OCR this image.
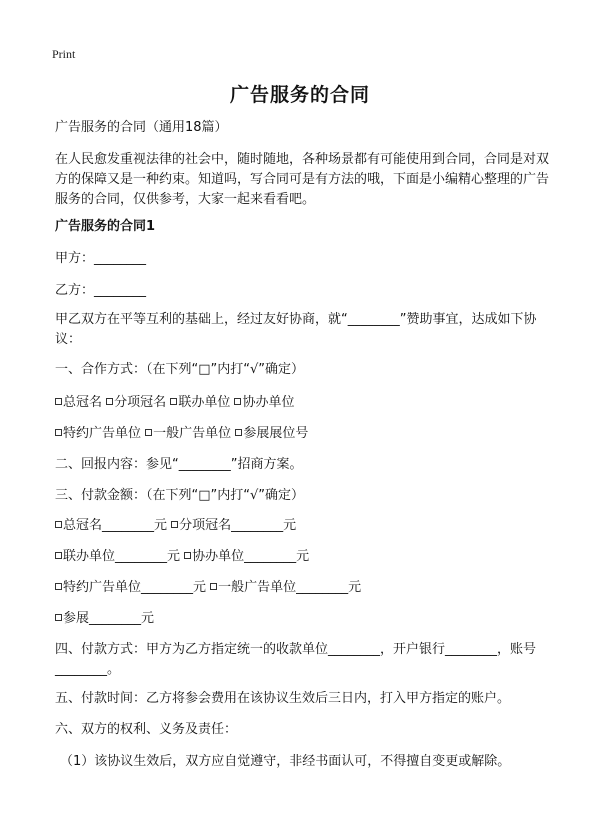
Print
广告服务的合同
广告服务的合同（通用18篇）
在人民愈发重视法律的社会中，随时随地，各种场景都有可能使用到合同，合同是对双方的保障又是一种约束。知道吗，写合同可是有方法的哦，下面是小编精心整理的广告服务的合同，仅供参考，大家一起来看看吧。
广告服务的合同1
甲方：________
乙方：________
甲乙双方在平等互利的基础上，经过友好协商，就“________”赞助事宜，达成如下协议：
一、合作方式：（在下列“□”内打“√”确定）
总冠名 分项冠名 联办单位 协办单位
特约广告单位 一般广告单位 参展展位号
二、回报内容：参见“________”招商方案。
三、付款金额：（在下列“□”内打“√”确定）
总冠名________元 分项冠名________元
联办单位________元 协办单位________元
特约广告单位________元 一般广告单位________元
参展________元
四、付款方式：甲方为乙方指定统一的收款单位________，开户银行________，账号________。
五、付款时间：乙方将参会费用在该协议生效后三日内，打入甲方指定的账户。
六、双方的权利、义务及责任：
（1）该协议生效后，双方应自觉遵守，非经书面认可，不得擅自变更或解除。
